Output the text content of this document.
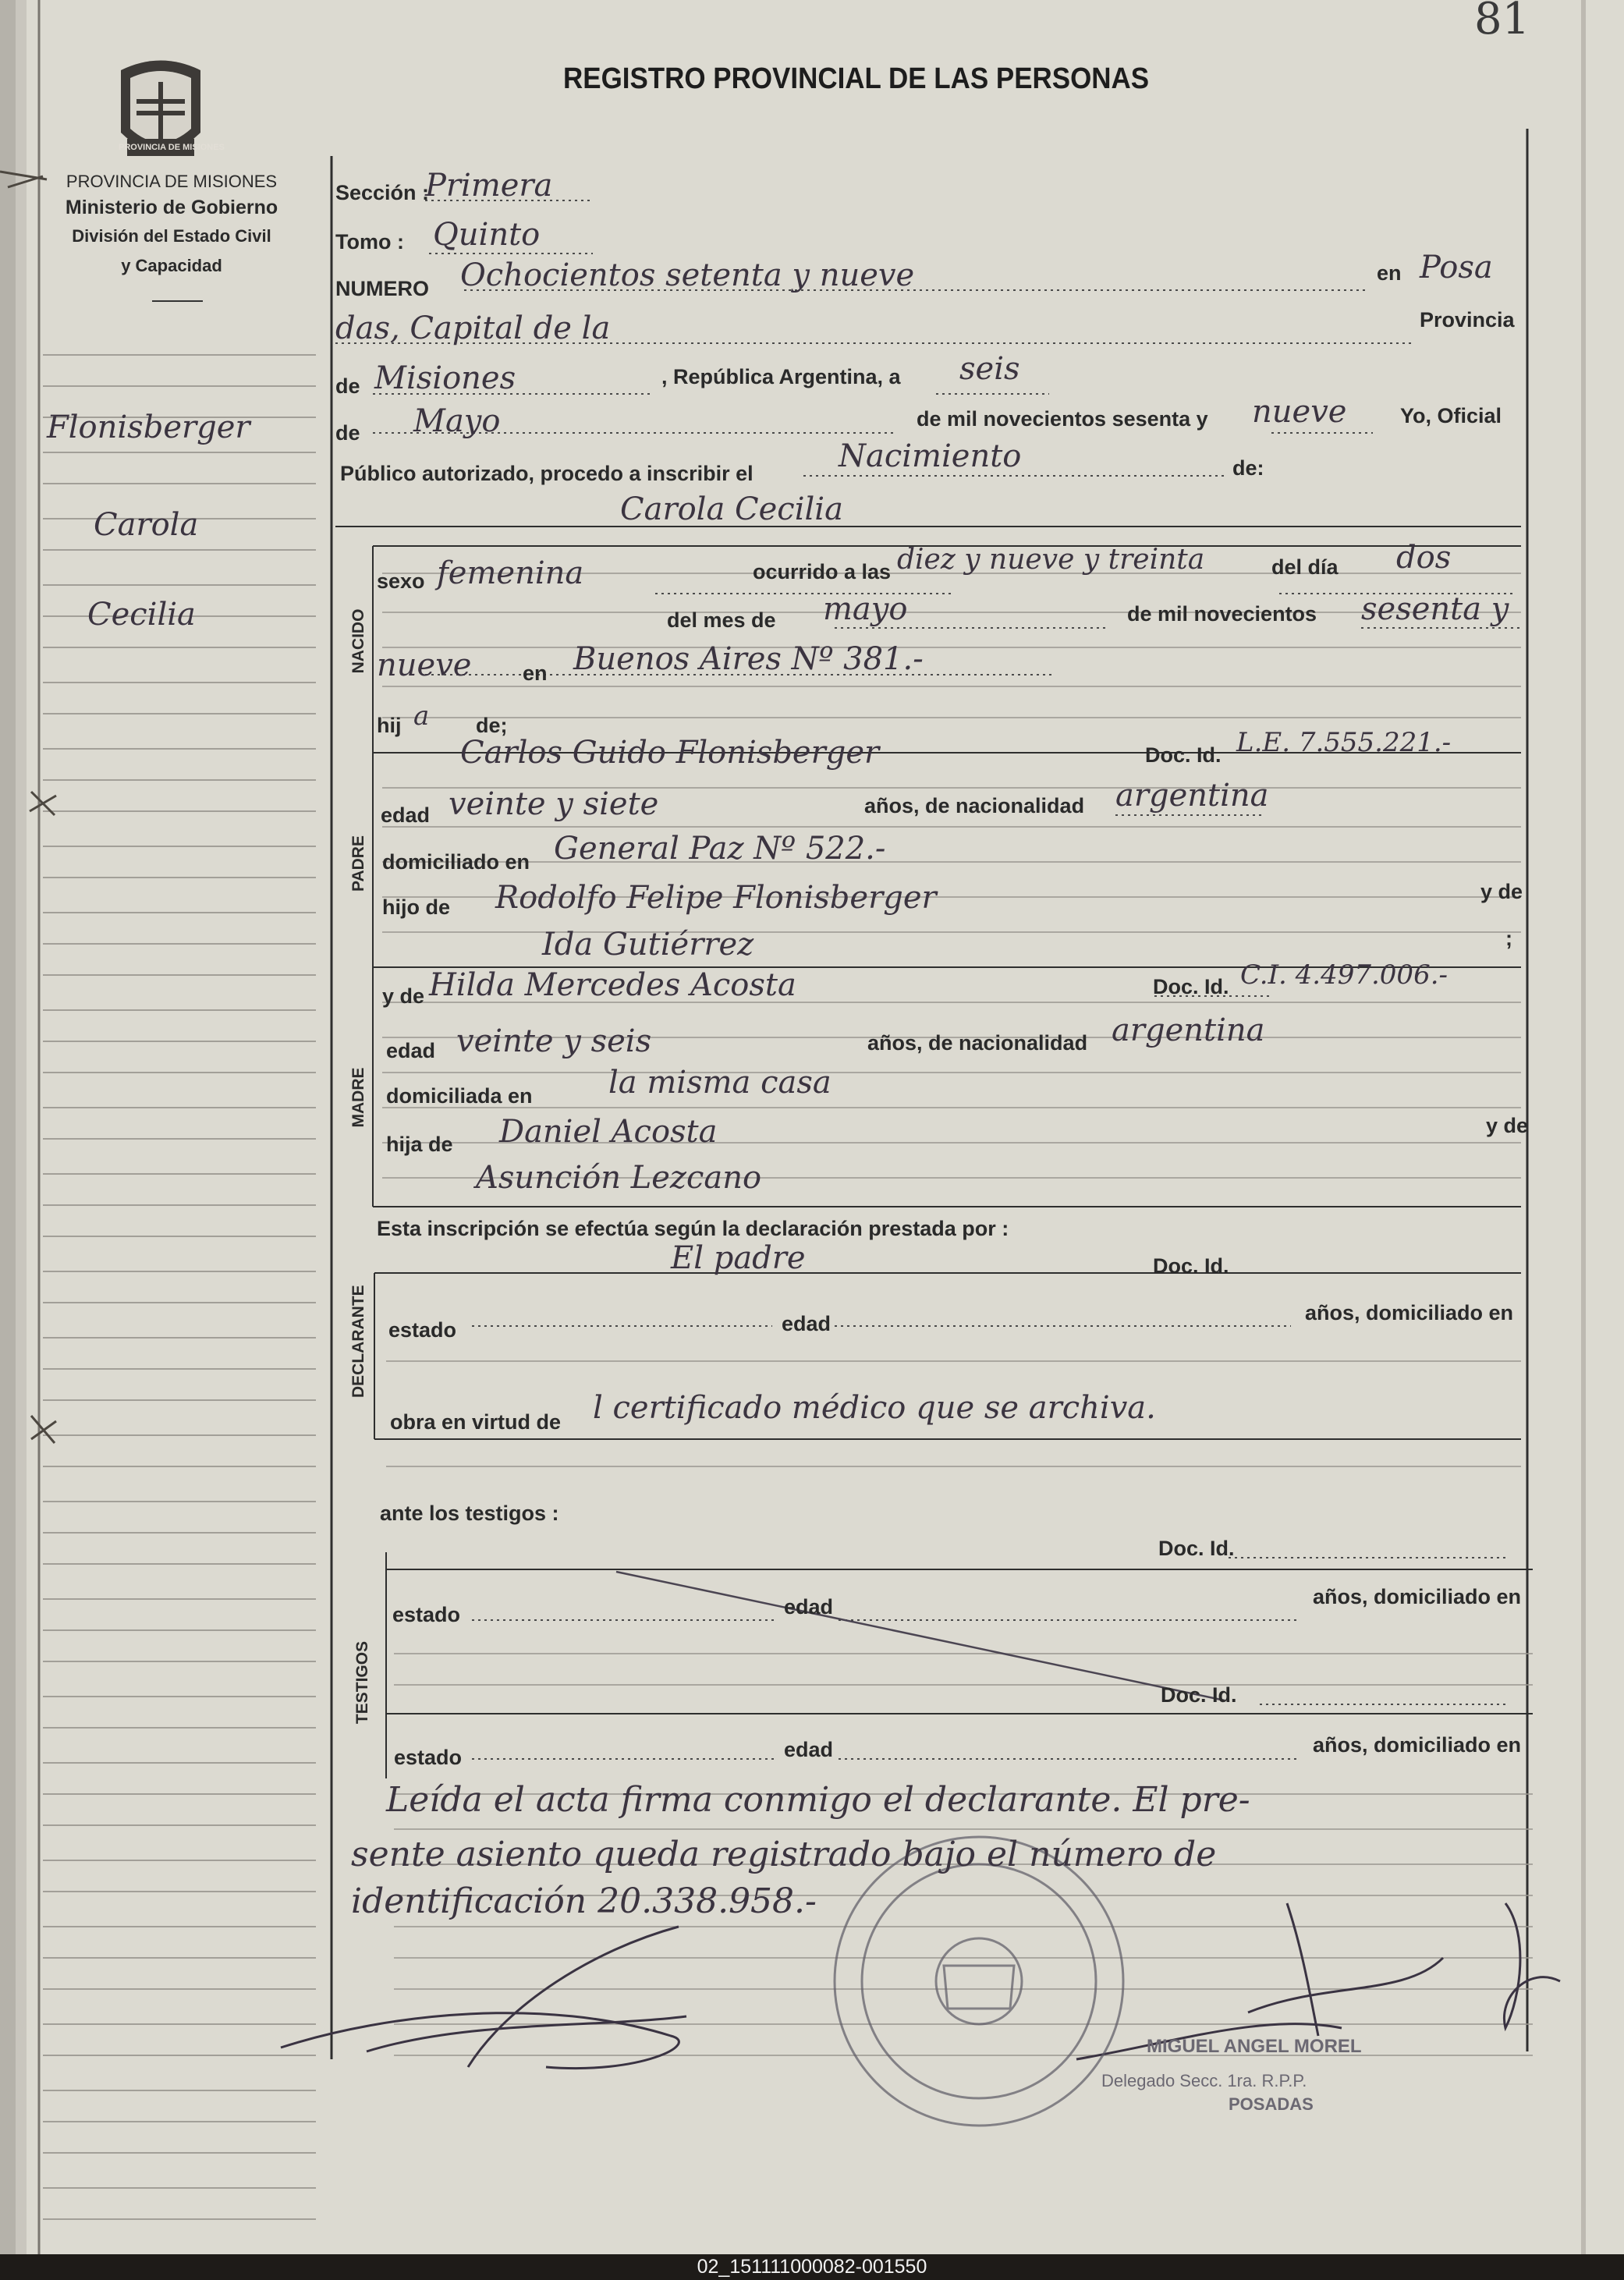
81
REGISTRO PROVINCIAL DE LAS PERSONAS
PROVINCIA DE MISIONES
PROVINCIA DE MISIONES
Ministerio de Gobierno
División del Estado Civil
y Capacidad
Flonisberger
Carola
Cecilia
Sección :
Primera
Tomo : Quinto
NUMERO Ochocientos setenta y nueve	en Posa
das, Capital de la	Provincia
de Misiones	, República Argentina, a seis
de Mayo	de mil novecientos sesenta y nueve	Yo, Oficial
Público autorizado, procedo a inscribir el	Nacimiento	de:
Carola Cecilia
NACIDO
sexo femenina	ocurrido a las diez y nueve y treinta	del día dos
del mes de mayo	de mil novecientos sesenta y
nueve en Buenos Aires Nº 381.-
hij a de;
Carlos Guido Flonisberger	Doc. Id. L.E. 7.555.221.-
PADRE
edad veinte y siete	años, de nacionalidad argentina
domiciliado en General Paz Nº 522.-
hijo de Rodolfo Felipe Flonisberger	y de
Ida Gutiérrez	;
y de Hilda Mercedes Acosta	Doc. Id. C.I. 4.497.006.-
MADRE
edad veinte y seis	años, de nacionalidad argentina
domiciliada en la misma casa
hija de Daniel Acosta	y de
Asunción Lezcano
Esta inscripción se efectúa según la declaración prestada por :
El padre	Doc. Id.
DECLARANTE estado	edad	años, domiciliado en
obra en virtud de l certificado médico que se archiva.
ante los testigos :
Doc. Id.
TESTIGOS
estado	edad	años, domiciliado en
Doc. Id.
estado	edad	años, domiciliado en
Leída el acta firma conmigo el declarante. El pre-
sente asiento queda registrado bajo el número de
identificación 20.338.958.-
MIGUEL ANGEL MOREL
Delegado Secc. 1ra. R.P.P.
POSADAS
02_151111000082-001550
